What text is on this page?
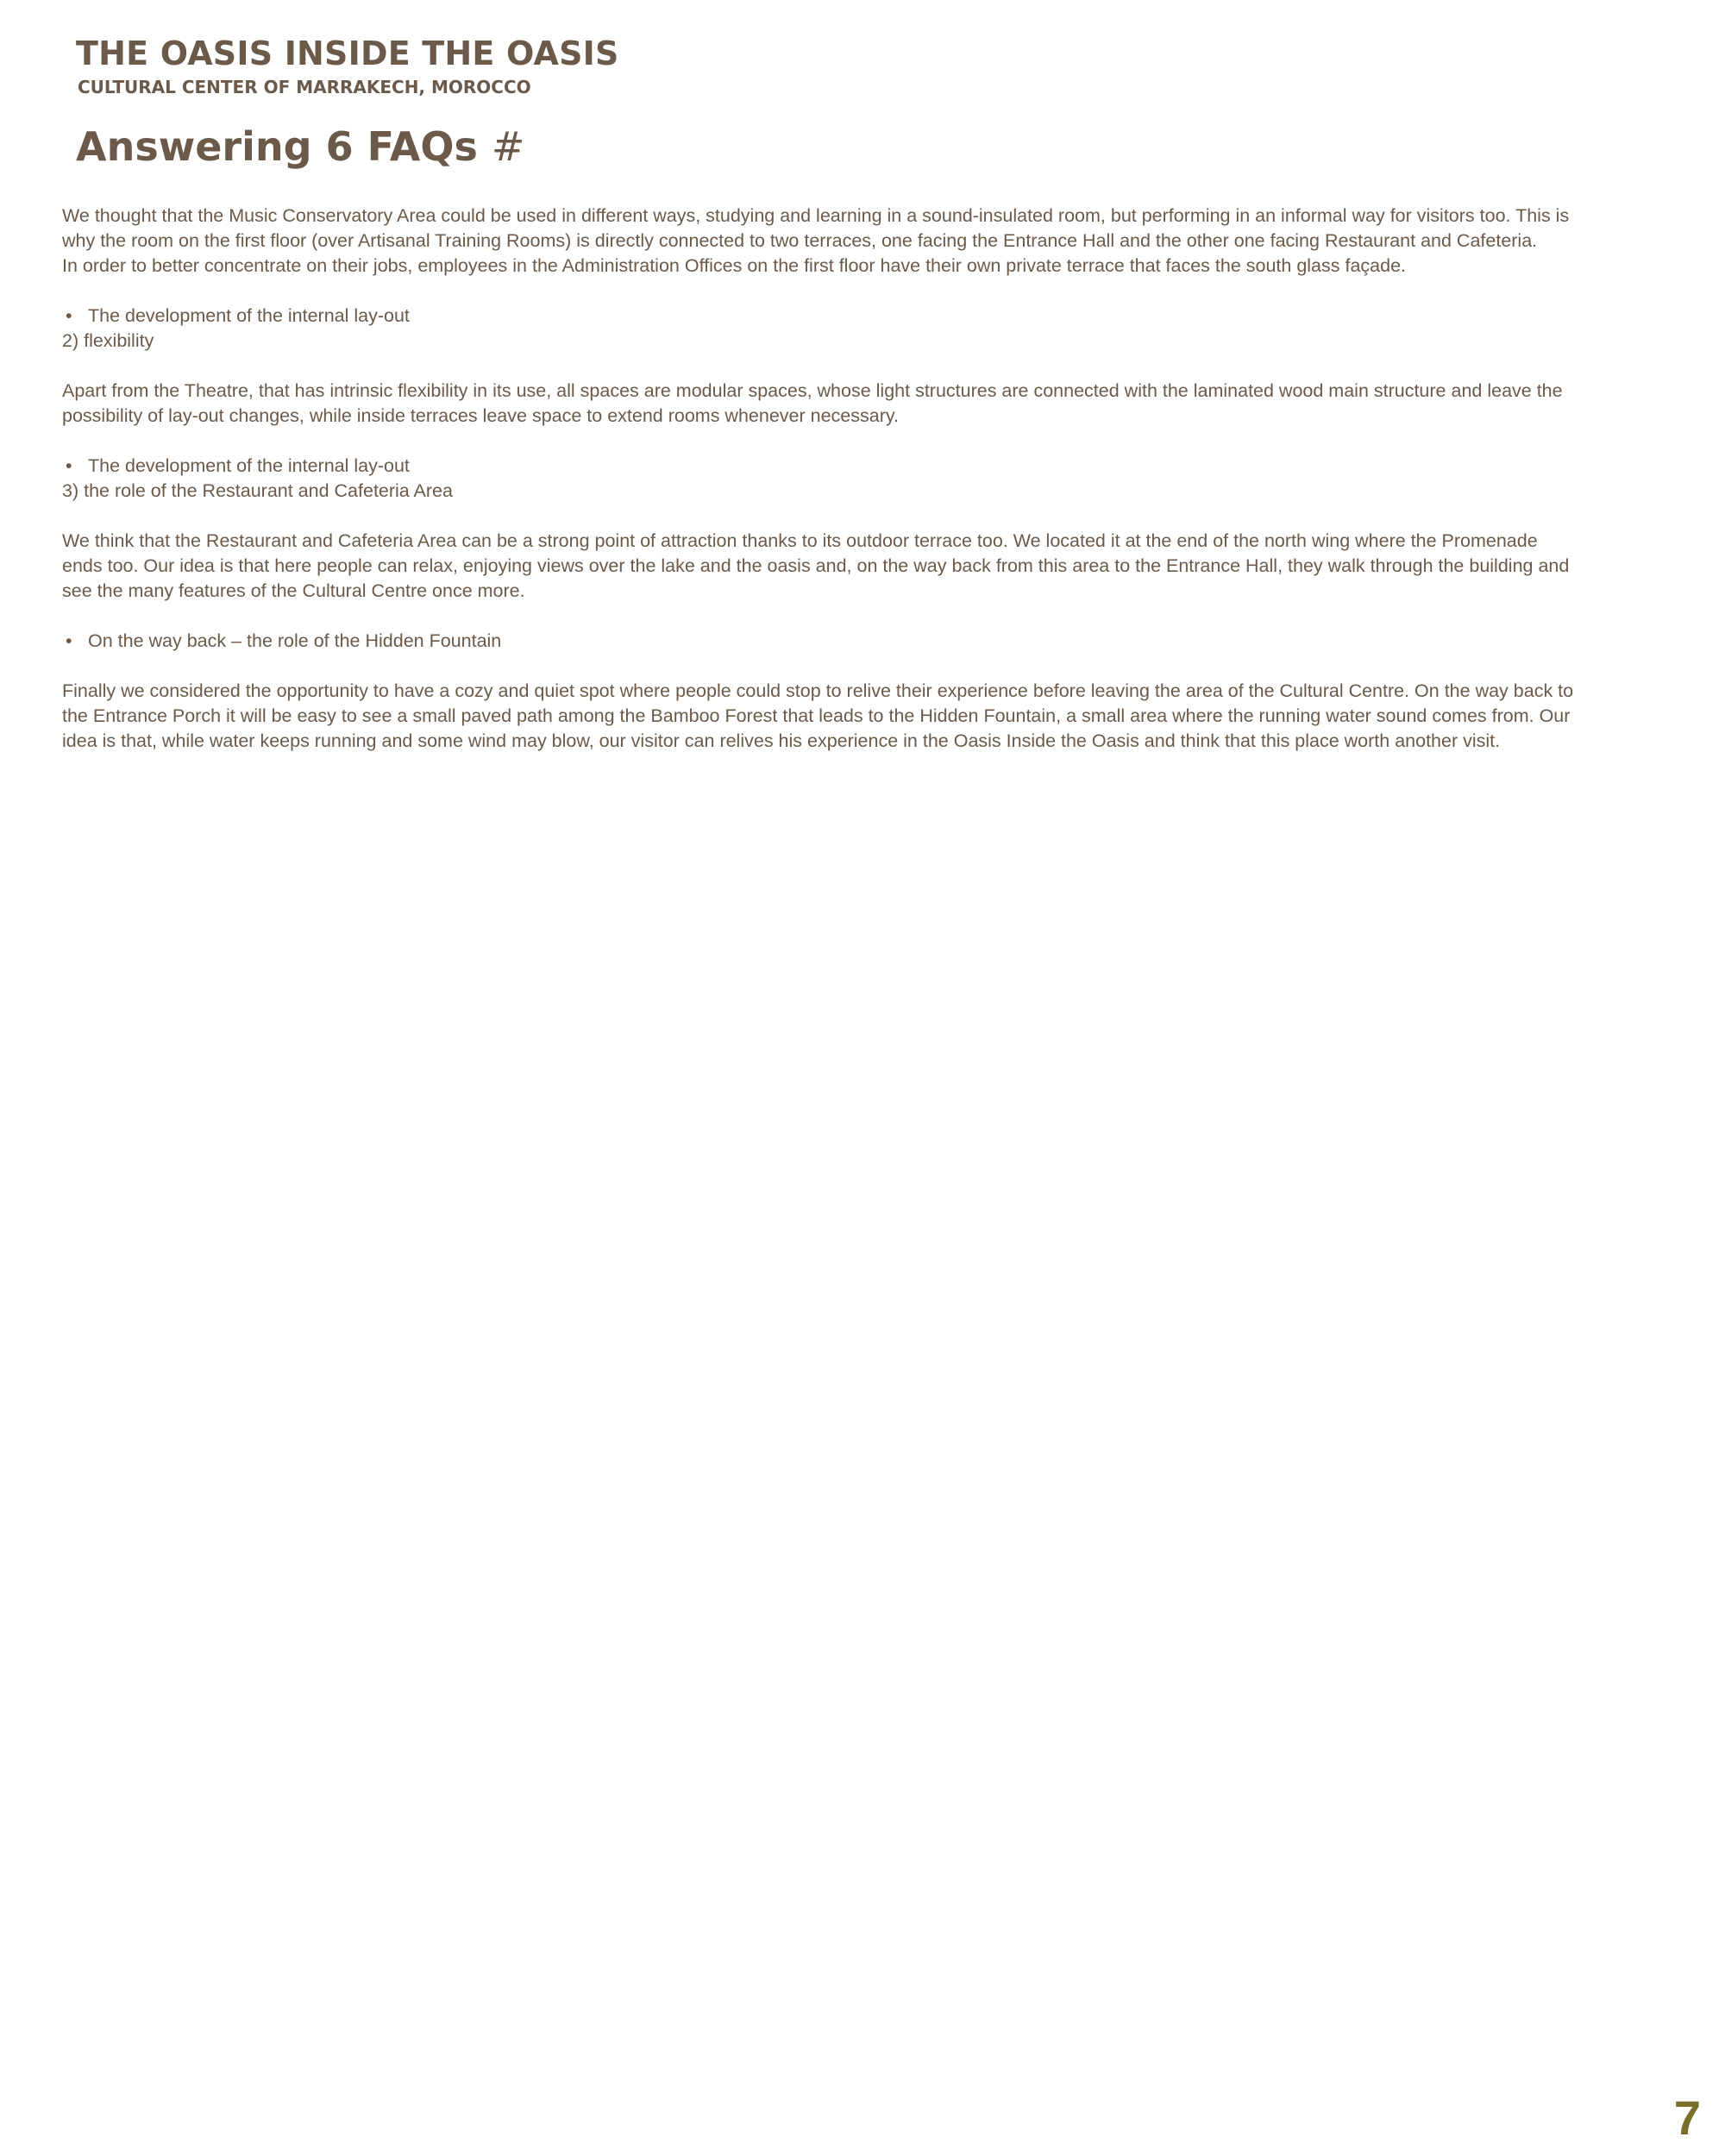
THE OASIS INSIDE THE OASIS
CULTURAL CENTER OF MARRAKECH, MOROCCO
Answering 6 FAQs #

We thought that the Music Conservatory Area could be used in different ways, studying and learning in a sound-insulated room, but performing in an informal way for visitors too. This is

why the room on the first floor (over Artisanal Training Rooms) is directly connected to two terraces, one facing the Entrance Hall and the other one facing Restaurant and Cafeteria.

In order to better concentrate on their jobs, employees in the Administration Offices on the first floor have their own private terrace that faces the south glass façade.

• The development of the internal lay-out

2) flexibility

Apart from the Theatre, that has intrinsic flexibility in its use, all spaces are modular spaces, whose light structures are connected with the laminated wood main structure and leave the

possibility of lay-out changes, while inside terraces leave space to extend rooms whenever necessary.

• The development of the internal lay-out

3) the role of the Restaurant and Cafeteria Area

We think that the Restaurant and Cafeteria Area can be a strong point of attraction thanks to its outdoor terrace too. We located it at the end of the north wing where the Promenade

ends too. Our idea is that here people can relax, enjoying views over the lake and the oasis and, on the way back from this area to the Entrance Hall, they walk through the building and

see the many features of the Cultural Centre once more.

• On the way back – the role of the Hidden Fountain

Finally we considered the opportunity to have a cozy and quiet spot where people could stop to relive their experience before leaving the area of the Cultural Centre. On the way back to

the Entrance Porch it will be easy to see a small paved path among the Bamboo Forest that leads to the Hidden Fountain, a small area where the running water sound comes from. Our

idea is that, while water keeps running and some wind may blow, our visitor can relives his experience in the Oasis Inside the Oasis and think that this place worth another visit.

7
